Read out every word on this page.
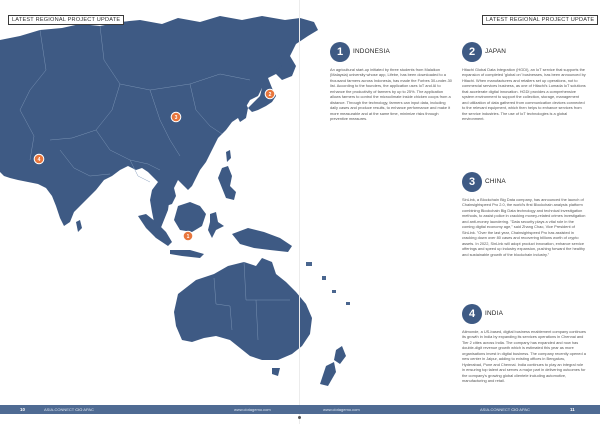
4
3
2
1
LATEST REGIONAL PROJECT UPDATE	LATEST REGIONAL PROJECT UPDATE
1	INDONESIA
An agricultural start-up initiated by three students from Malaikon (Malaysia) university whose app, Lifebe, has been downloaded to a thousand farmers across Indonesia, has made the Forbes 30-under-30 list. According to the founders, the application uses IoT and AI to enhance the productivity of farmers by up to 25%. The application allows farmers to control the microclimate inside chicken coops from a distance. Through the technology, farmers can input data, including daily cases and produce results, to enhance performance and make it more measurable and at the same time, minimize risks through preventive measures.
2	JAPAN
Hitachi Global Data Integration (HGDI), an IoT service that supports the expansion of completed 'global on' businesses, has been announced by Hitachi. When manufacturers and retailers set up operations, not to commercial services business, as one of Hitachi's Lumada IoT solutions that accelerate digital innovation. HGDI provides a comprehensive system environment to support the collection, storage, management and utilization of data gathered from communication devices connected to the relevant equipment, which then helps to enhance services from the service industries. The use of IoT technologies is a global environment.
3	CHINA
SinLink, a Blockchain Big Data company, has announced the launch of Chainsightspeed Pro 2.0, the world's first Blockchain analysis platform combining Blockchain Big Data technology and technical investigation methods, to assist police in cracking money-related crimes investigation and anti-money laundering. "Data security plays a vital role in the coming digital economy age," said Zhang Chao, Vice President of SinLink. "Over the last year, Chainsightspeed Pro has assisted in cracking down over 80 cases and recovering billions worth of crypto assets. In 2022, SinLink will adopt product innovation, enhance service offerings and speed up industry expansion, pushing forward the healthy and sustainable growth of the blockchain industry."
4	INDIA
Atimonde, a US-based, digital business enablement company continues its growth in India by expanding its services operations in Chennai and Tier 2 cities across India. The company has expanded and now has double-digit revenue growth which is estimated this year as more organisations invest in digital business. The company recently opened a new center in Jaipur, adding to existing offices in Bengaluru, Hyderabad, Pune and Chennai. India continues to play an integral role in ensuring top talent and serves a major part in delivering outcomes for the company's growing global clientele including automotive, manufacturing and retail.
10	ASIA-CONNECT CIO APAC	www.ciotagemo.com	www.ciotagemo.com	ASIA-CONNECT CIO APAC	11
